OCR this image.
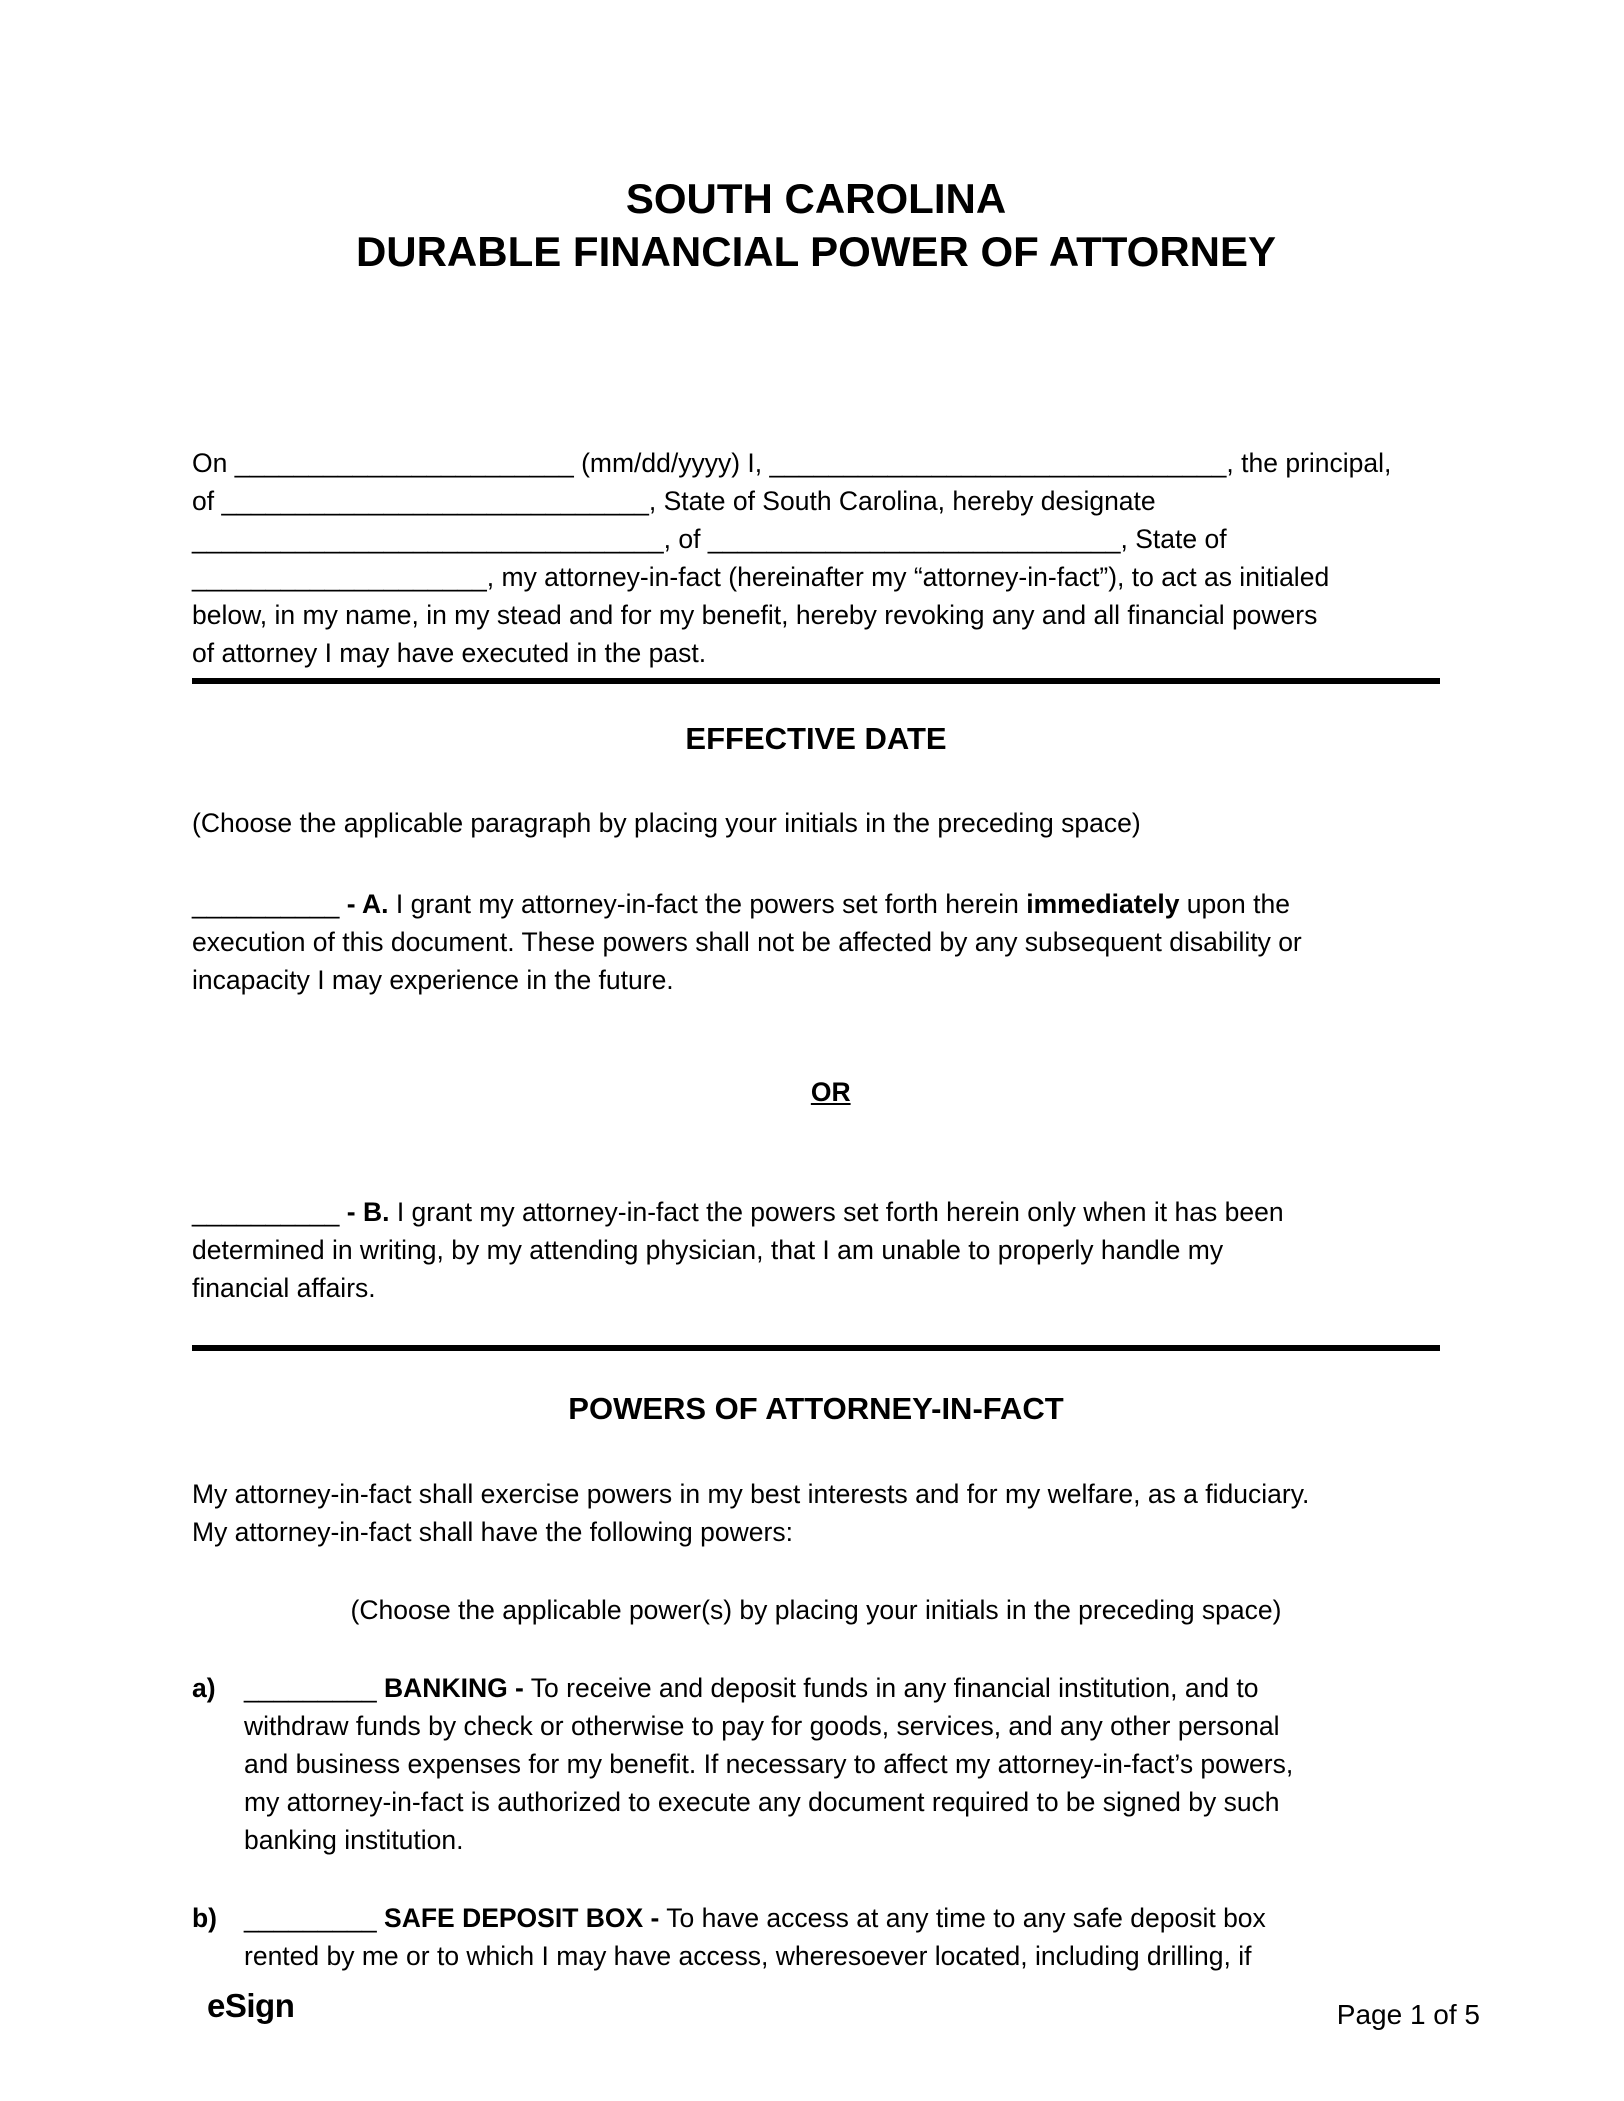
SOUTH CAROLINA
DURABLE FINANCIAL POWER OF ATTORNEY
On _______________________ (mm/dd/yyyy) I, _______________________________, the principal,
of _____________________________, State of South Carolina, hereby designate
________________________________, of ____________________________, State of
____________________, my attorney-in-fact (hereinafter my “attorney-in-fact”), to act as initialed
below, in my name, in my stead and for my benefit, hereby revoking any and all financial powers
of attorney I may have executed in the past.
EFFECTIVE DATE
(Choose the applicable paragraph by placing your initials in the preceding space)
__________ - A. I grant my attorney-in-fact the powers set forth herein immediately upon the
execution of this document. These powers shall not be affected by any subsequent disability or
incapacity I may experience in the future.

OR

__________ - B. I grant my attorney-in-fact the powers set forth herein only when it has been
determined in writing, by my attending physician, that I am unable to properly handle my
financial affairs.
POWERS OF ATTORNEY-IN-FACT
My attorney-in-fact shall exercise powers in my best interests and for my welfare, as a fiduciary.
My attorney-in-fact shall have the following powers:
(Choose the applicable power(s) by placing your initials in the preceding space)
a)	_________ BANKING - To receive and deposit funds in any financial institution, and to
withdraw funds by check or otherwise to pay for goods, services, and any other personal
and business expenses for my benefit. If necessary to affect my attorney-in-fact’s powers,
my attorney-in-fact is authorized to execute any document required to be signed by such
banking institution.
b)	_________ SAFE DEPOSIT BOX - To have access at any time to any safe deposit box
rented by me or to which I may have access, wheresoever located, including drilling, if
eSign	Page 1 of 5
